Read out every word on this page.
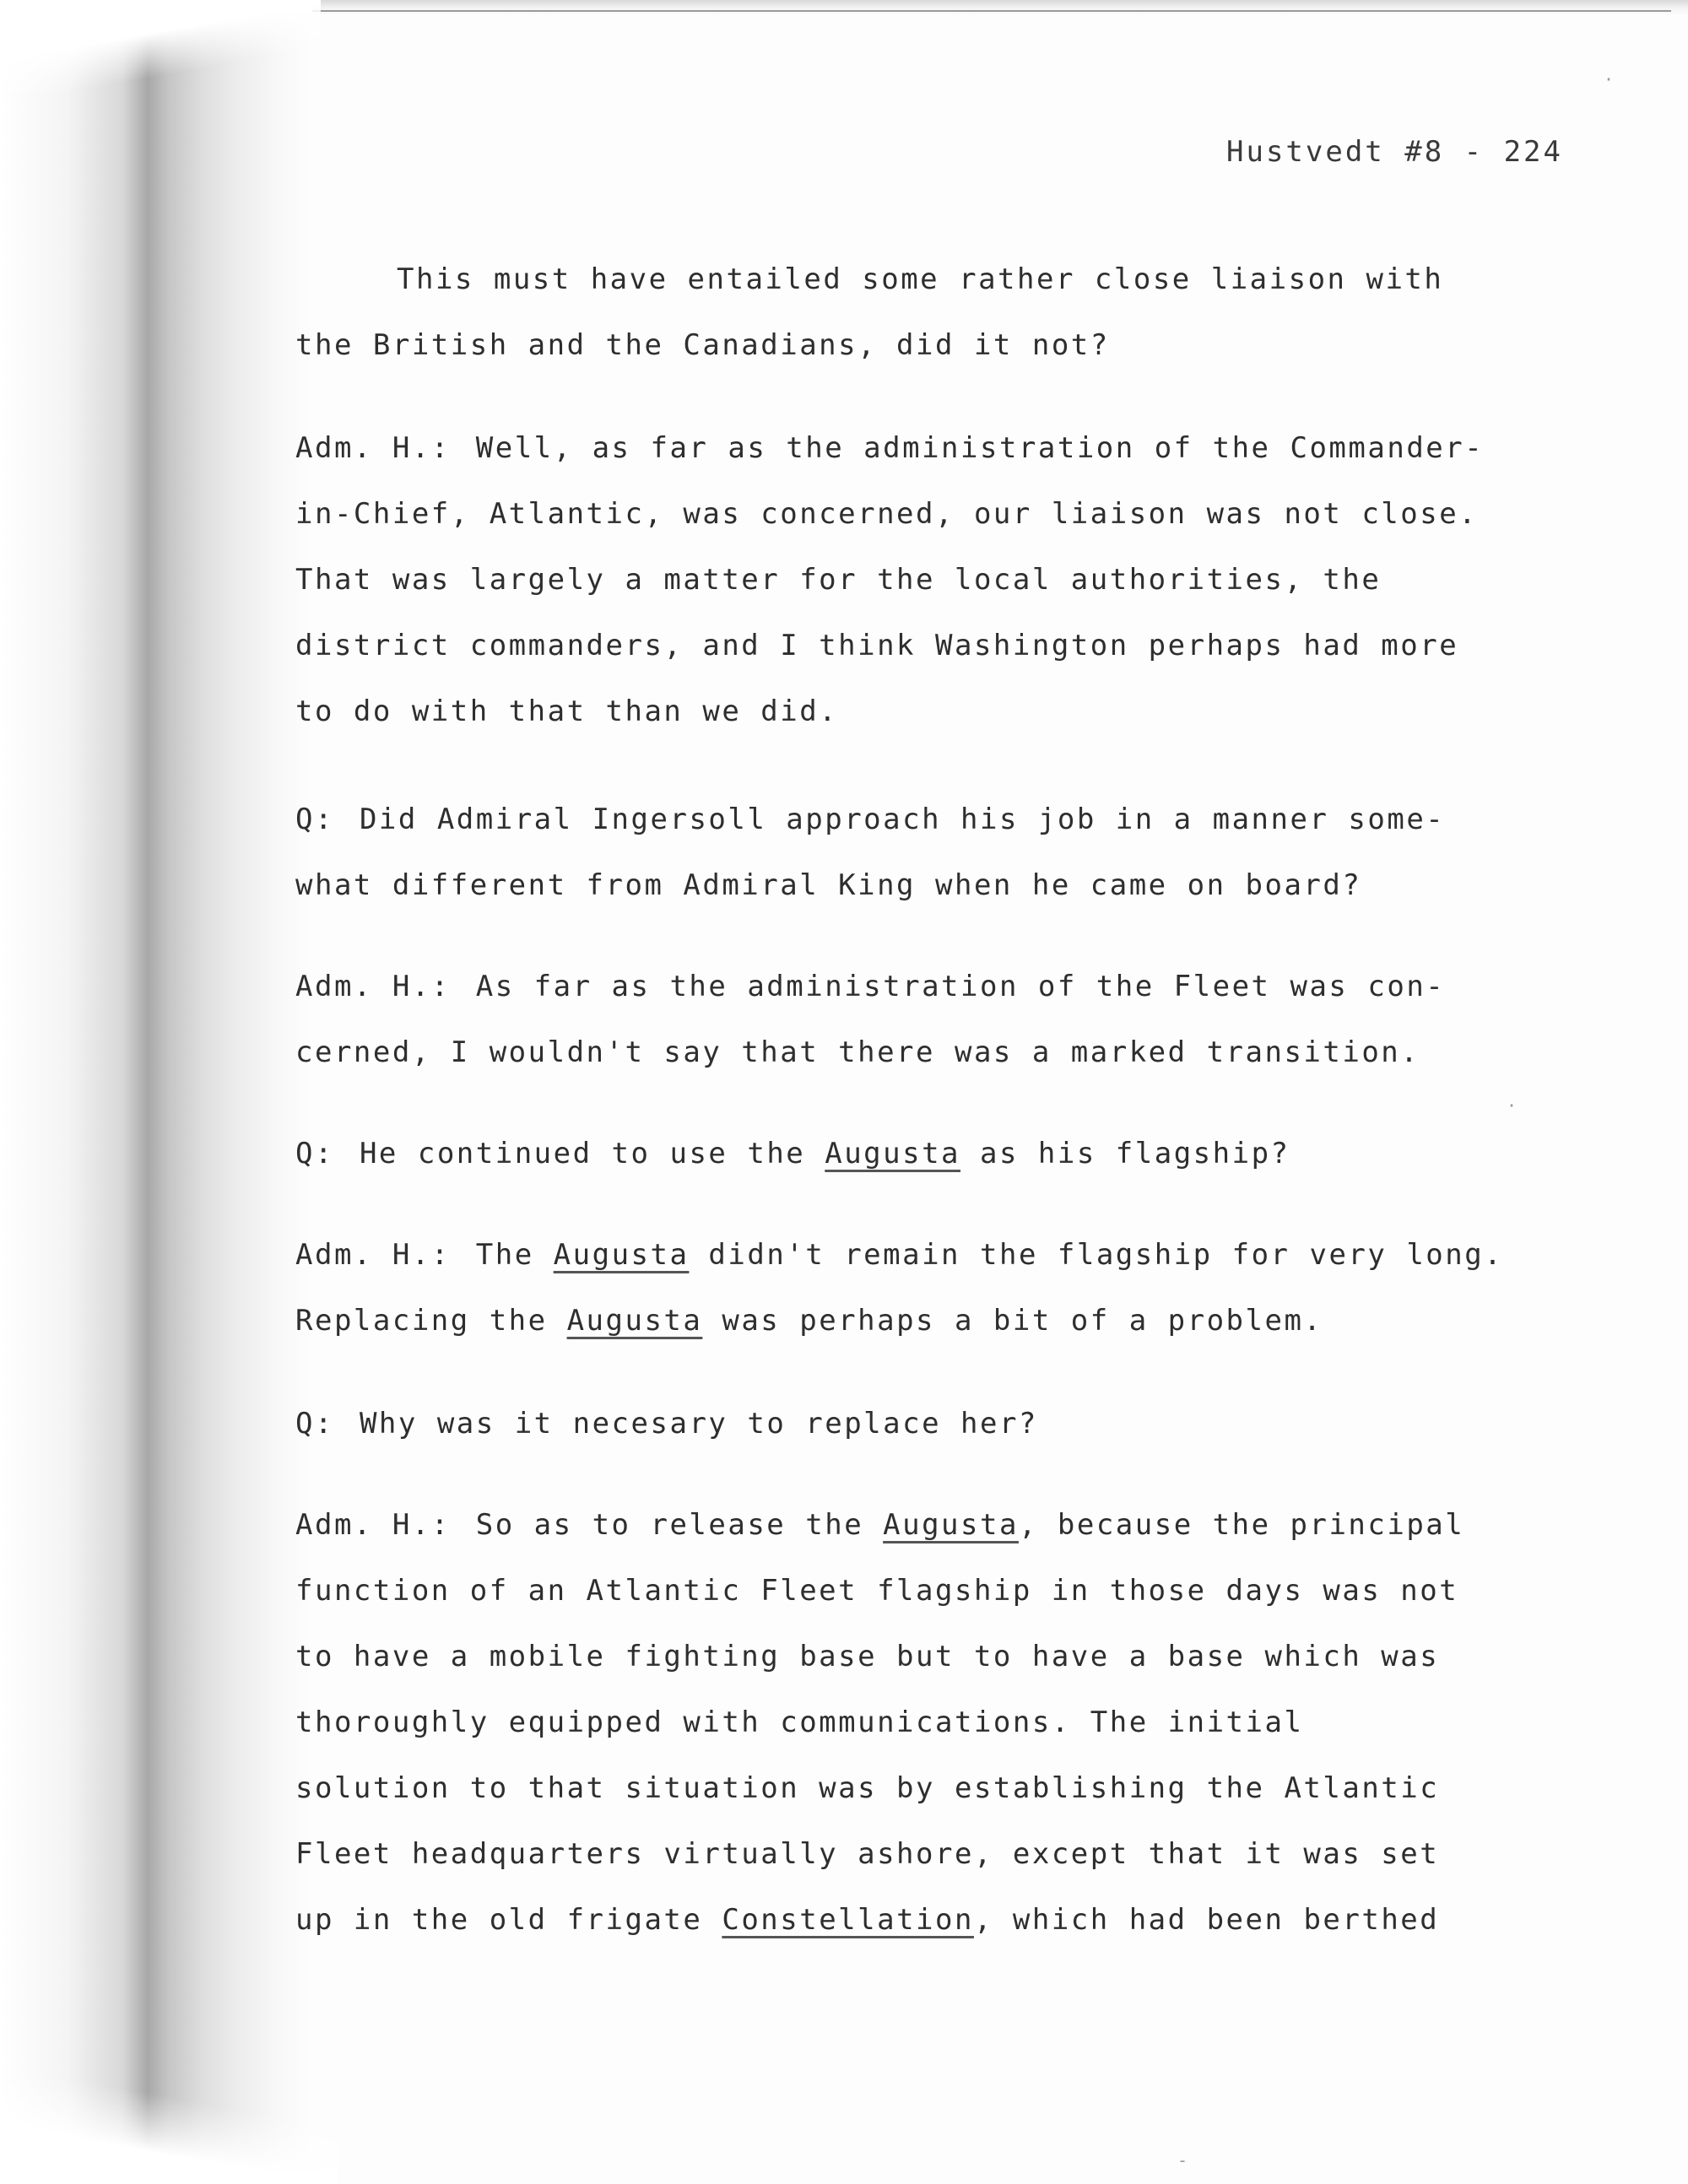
Hustvedt #8 - 224
This must have entailed some rather close liaison with
the British and the Canadians, did it not?
Adm. H.: Well, as far as the administration of the Commander-
in-Chief, Atlantic, was concerned, our liaison was not close.
That was largely a matter for the local authorities, the
district commanders, and I think Washington perhaps had more
to do with that than we did.
Q: Did Admiral Ingersoll approach his job in a manner some-
what different from Admiral King when he came on board?
Adm. H.: As far as the administration of the Fleet was con-
cerned, I wouldn't say that there was a marked transition.
Q: He continued to use the Augusta as his flagship?
Adm. H.: The Augusta didn't remain the flagship for very long.
Replacing the Augusta was perhaps a bit of a problem.
Q: Why was it necesary to replace her?
Adm. H.: So as to release the Augusta, because the principal
function of an Atlantic Fleet flagship in those days was not
to have a mobile fighting base but to have a base which was
thoroughly equipped with communications. The initial
solution to that situation was by establishing the Atlantic
Fleet headquarters virtually ashore, except that it was set
up in the old frigate Constellation, which had been berthed
·
-
·
